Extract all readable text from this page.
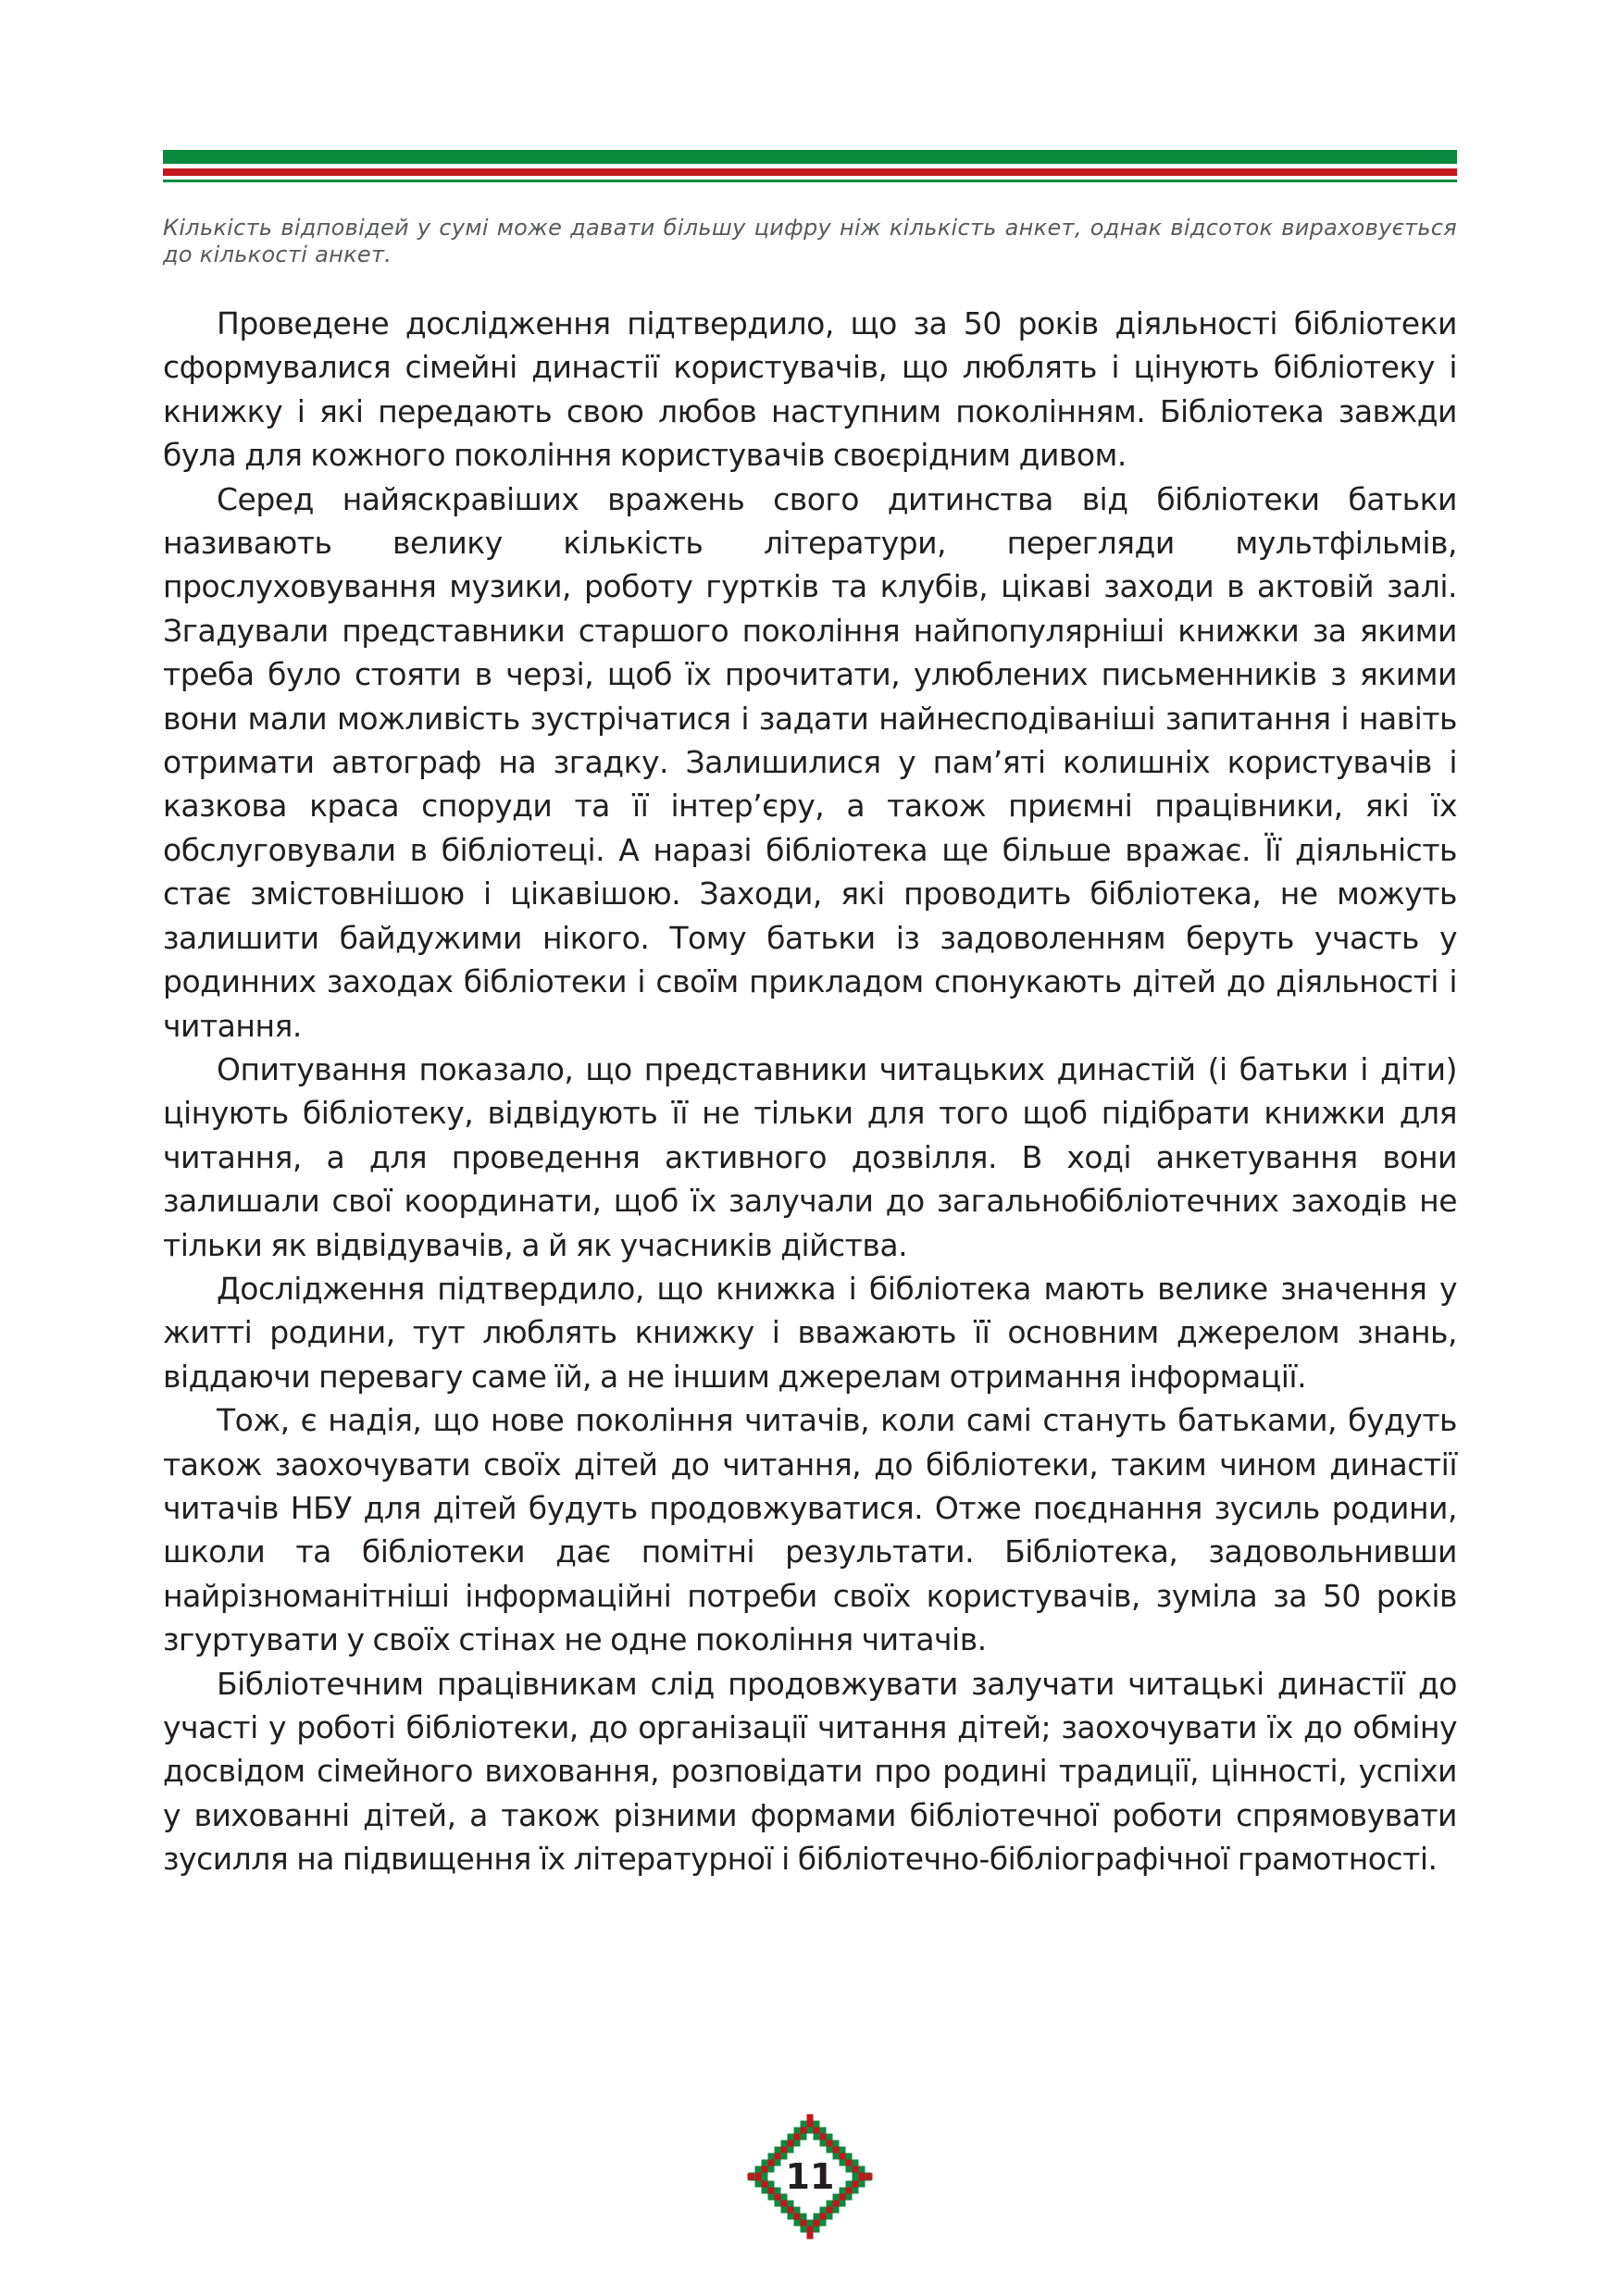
Кількість відповідей у сумі може давати більшу цифру ніж кількість анкет, однак відсоток вираховується до кількості анкет.

Проведене дослідження підтвердило, що за 50 років діяльності бібліотеки сформувалися сімейні династії користувачів, що люблять і цінують бібліотеку і книжку і які передають свою любов наступним поколінням. Бібліотека завжди була для кожного покоління користувачів своєрідним дивом.

Серед найяскравіших вражень свого дитинства від бібліотеки батьки називають велику кількість літератури, перегляди мультфільмів, прослуховування музики, роботу гуртків та клубів, цікаві заходи в актовій залі. Згадували представники старшого покоління найпопулярніші книжки за якими треба було стояти в черзі, щоб їх прочитати, улюблених письменників з якими вони мали можливість зустрічатися і задати найнесподіваніші запитання і навіть отримати автограф на згадку. Залишилися у пам’яті колишніх користувачів і казкова краса споруди та її інтер’єру, а також приємні працівники, які їх обслуговували в бібліотеці. А наразі бібліотека ще більше вражає. Її діяльність стає змістовнішою і цікавішою. Заходи, які проводить бібліотека, не можуть залишити байдужими нікого. Тому батьки із задоволенням беруть участь у родинних заходах бібліотеки і своїм прикладом спонукають дітей до діяльності і читання.

Опитування показало, що представники читацьких династій (і батьки і діти) цінують бібліотеку, відвідують її не тільки для того щоб підібрати книжки для читання, а для проведення активного дозвілля. В ході анкетування вони залишали свої координати, щоб їх залучали до загальнобібліотечних заходів не тільки як відвідувачів, а й як учасників дійства.

Дослідження підтвердило, що книжка і бібліотека мають велике значення у житті родини, тут люблять книжку і вважають її основним джерелом знань, віддаючи перевагу саме їй, а не іншим джерелам отримання інформації.

Тож, є надія, що нове покоління читачів, коли самі стануть батьками, будуть також заохочувати своїх дітей до читання, до бібліотеки, таким чином династії читачів НБУ для дітей будуть продовжуватися. Отже поєднання зусиль родини, школи та бібліотеки дає помітні результати. Бібліотека, задовольнивши найрізноманітніші інформаційні потреби своїх користувачів, зуміла за 50 років згуртувати у своїх стінах не одне покоління читачів.

Бібліотечним працівникам слід продовжувати залучати читацькі династії до участі у роботі бібліотеки, до організації читання дітей; заохочувати їх до обміну досвідом сімейного виховання, розповідати про родині традиції, цінності, успіхи у вихованні дітей, а також різними формами бібліотечної роботи спрямовувати зусилля на підвищення їх літературної і бібліотечно-бібліографічної грамотності.

11
